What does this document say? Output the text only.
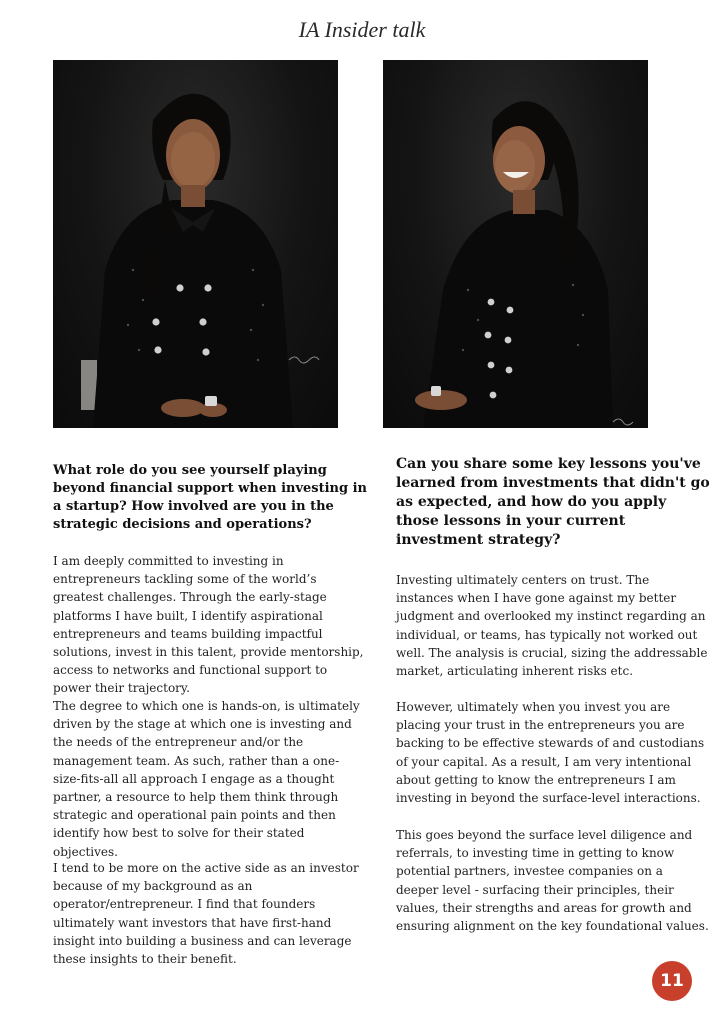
IA Insider talk

What role do you see yourself playing beyond financial support when investing in a startup? How involved are you in the strategic decisions and operations?

I am deeply committed to investing in entrepreneurs tackling some of the world’s greatest challenges. Through the early-stage platforms I have built, I identify aspirational entrepreneurs and teams building impactful solutions, invest in this talent, provide mentorship, access to networks and functional support to power their trajectory.

The degree to which one is hands-on, is ultimately driven by the stage at which one is investing and the needs of the entrepreneur and/or the management team. As such, rather than a one-size-fits-all all approach I engage as a thought partner, a resource to help them think through strategic and operational pain points and then identify how best to solve for their stated objectives.

I tend to be more on the active side as an investor because of my background as an operator/entrepreneur. I find that founders ultimately want investors that have first-hand insight into building a business and can leverage these insights to their benefit.

Can you share some key lessons you've learned from investments that didn't go as expected, and how do you apply those lessons in your current investment strategy?

Investing ultimately centers on trust. The instances when I have gone against my better judgment and overlooked my instinct regarding an individual, or teams, has typically not worked out well. The analysis is crucial, sizing the addressable market, articulating inherent risks etc.

However, ultimately when you invest you are placing your trust in the entrepreneurs you are backing to be effective stewards of and custodians of your capital. As a result, I am very intentional about getting to know the entrepreneurs I am investing in beyond the surface-level interactions.

This goes beyond the surface level diligence and referrals, to investing time in getting to know potential partners, investee companies on a deeper level - surfacing their principles, their values, their strengths and areas for growth and ensuring alignment on the key foundational values.

11
